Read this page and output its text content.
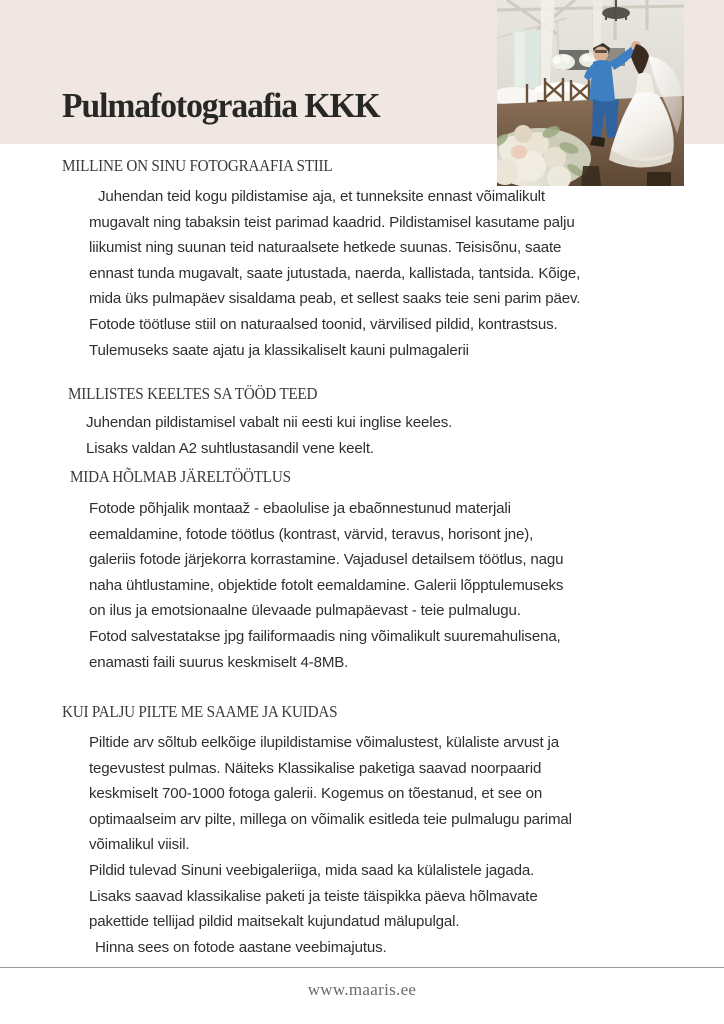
Pulmafotograafia KKK
MILLINE ON SINU FOTOGRAAFIA STIIL
Juhendan teid kogu pildistamise aja, et tunneksite ennast võimalikult
mugavalt ning tabaksin teist parimad kaadrid. Pildistamisel kasutame palju
liikumist ning suunan teid naturaalsete hetkede suunas. Teisisõnu, saate
ennast tunda mugavalt, saate jutustada, naerda, kallistada, tantsida. Kõige,
mida üks pulmapäev sisaldama peab, et sellest saaks teie seni parim päev.
Fotode töötluse stiil on naturaalsed toonid, värvilised pildid, kontrastsus.
Tulemuseks saate ajatu ja klassikaliselt kauni pulmagalerii
MILLISTES KEELTES SA TÖÖD TEED
Juhendan pildistamisel vabalt nii eesti kui inglise keeles.
Lisaks valdan A2 suhtlustasandil vene keelt.
MIDA HÕLMAB JÄRELTÖÖTLUS
Fotode põhjalik montaaž - ebaolulise ja ebaõnnestunud materjali
eemaldamine, fotode töötlus (kontrast, värvid, teravus, horisont jne),
galeriis fotode järjekorra korrastamine. Vajadusel detailsem töötlus, nagu
naha ühtlustamine, objektide fotolt eemaldamine. Galerii lõpptulemuseks
on ilus ja emotsionaalne ülevaade pulmapäevast - teie pulmalugu.
Fotod salvestatakse jpg failiformaadis ning võimalikult suuremahulisena,
enamasti faili suurus keskmiselt 4-8MB.
KUI PALJU PILTE ME SAAME JA KUIDAS
Piltide arv sõltub eelkõige ilupildistamise võimalustest, külaliste arvust ja
tegevustest pulmas. Näiteks Klassikalise paketiga saavad noorpaarid
keskmiselt 700-1000 fotoga galerii. Kogemus on tõestanud, et see on
optimaalseim arv pilte, millega on võimalik esitleda teie pulmalugu parimal
võimalikul viisil.
Pildid tulevad Sinuni veebigaleriiga, mida saad ka külalistele jagada.
Lisaks saavad klassikalise paketi ja teiste täispikka päeva hõlmavate
pakettide tellijad pildid maitsekalt kujundatud mälupulgal.
Hinna sees on fotode aastane veebimajutus.
www.maaris.ee
